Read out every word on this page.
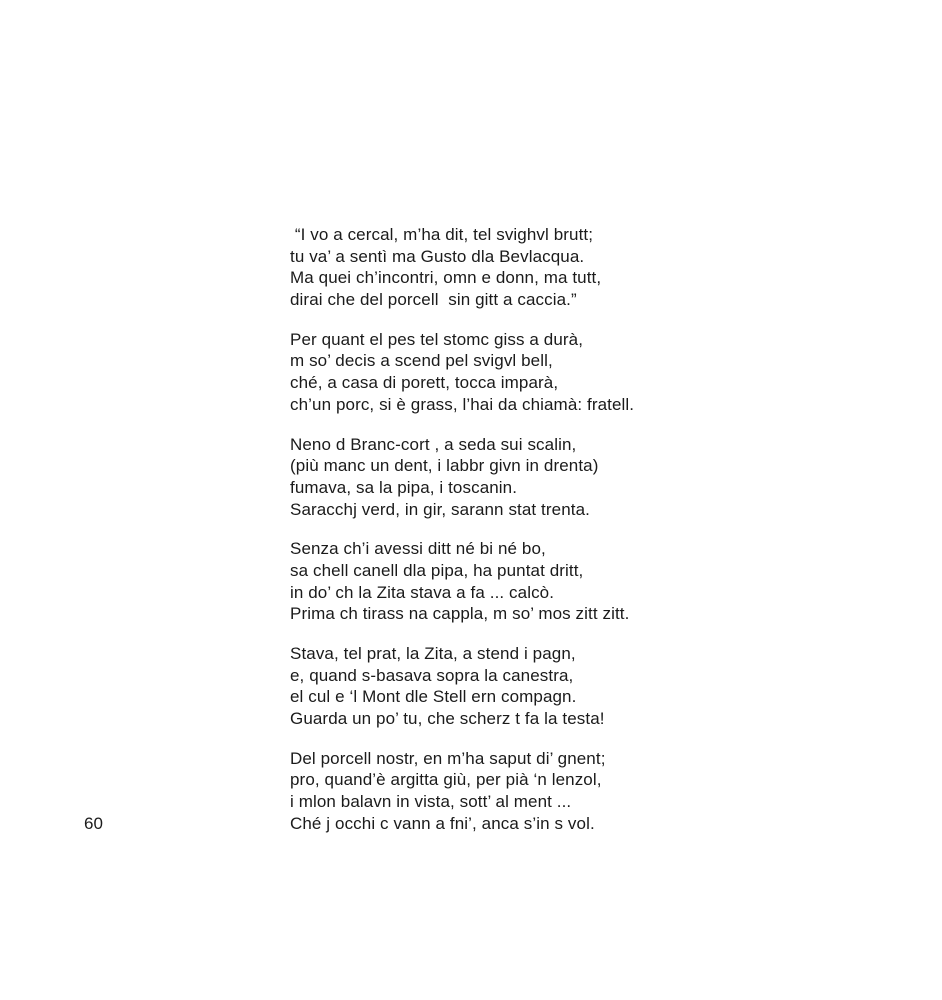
60
“I vo a cercal, m’ha dit, tel svighvl brutt;
tu va’ a sentì ma Gusto dla Bevlacqua.
Ma quei ch’incontri, omn e donn, ma tutt,
dirai che del porcell  sin gitt a caccia.”
Per quant el pes tel stomc giss a durà,
m so’ decis a scend pel svigvl bell,
ché, a casa di porett, tocca imparà,
ch’un porc, si è grass, l’hai da chiamà: fratell.
Neno d Branc-cort , a seda sui scalin,
(più manc un dent, i labbr givn in drenta)
fumava, sa la pipa, i toscanin.
Saracchj verd, in gir, sarann stat trenta.
Senza ch’i avessi ditt né bi né bo,
sa chell canell dla pipa, ha puntat dritt,
in do’ ch la Zita stava a fa ... calcò.
Prima ch tirass na cappla, m so’ mos zitt zitt.
Stava, tel prat, la Zita, a stend i pagn,
e, quand s-basava sopra la canestra,
el cul e ‘l Mont dle Stell ern compagn.
Guarda un po’ tu, che scherz t fa la testa!
Del porcell nostr, en m’ha saput di’ gnent;
pro, quand’è argitta giù, per pià ‘n lenzol,
i mlon balavn in vista, sott’ al ment ...
Ché j occhi c vann a fni’, anca s’in s vol.
